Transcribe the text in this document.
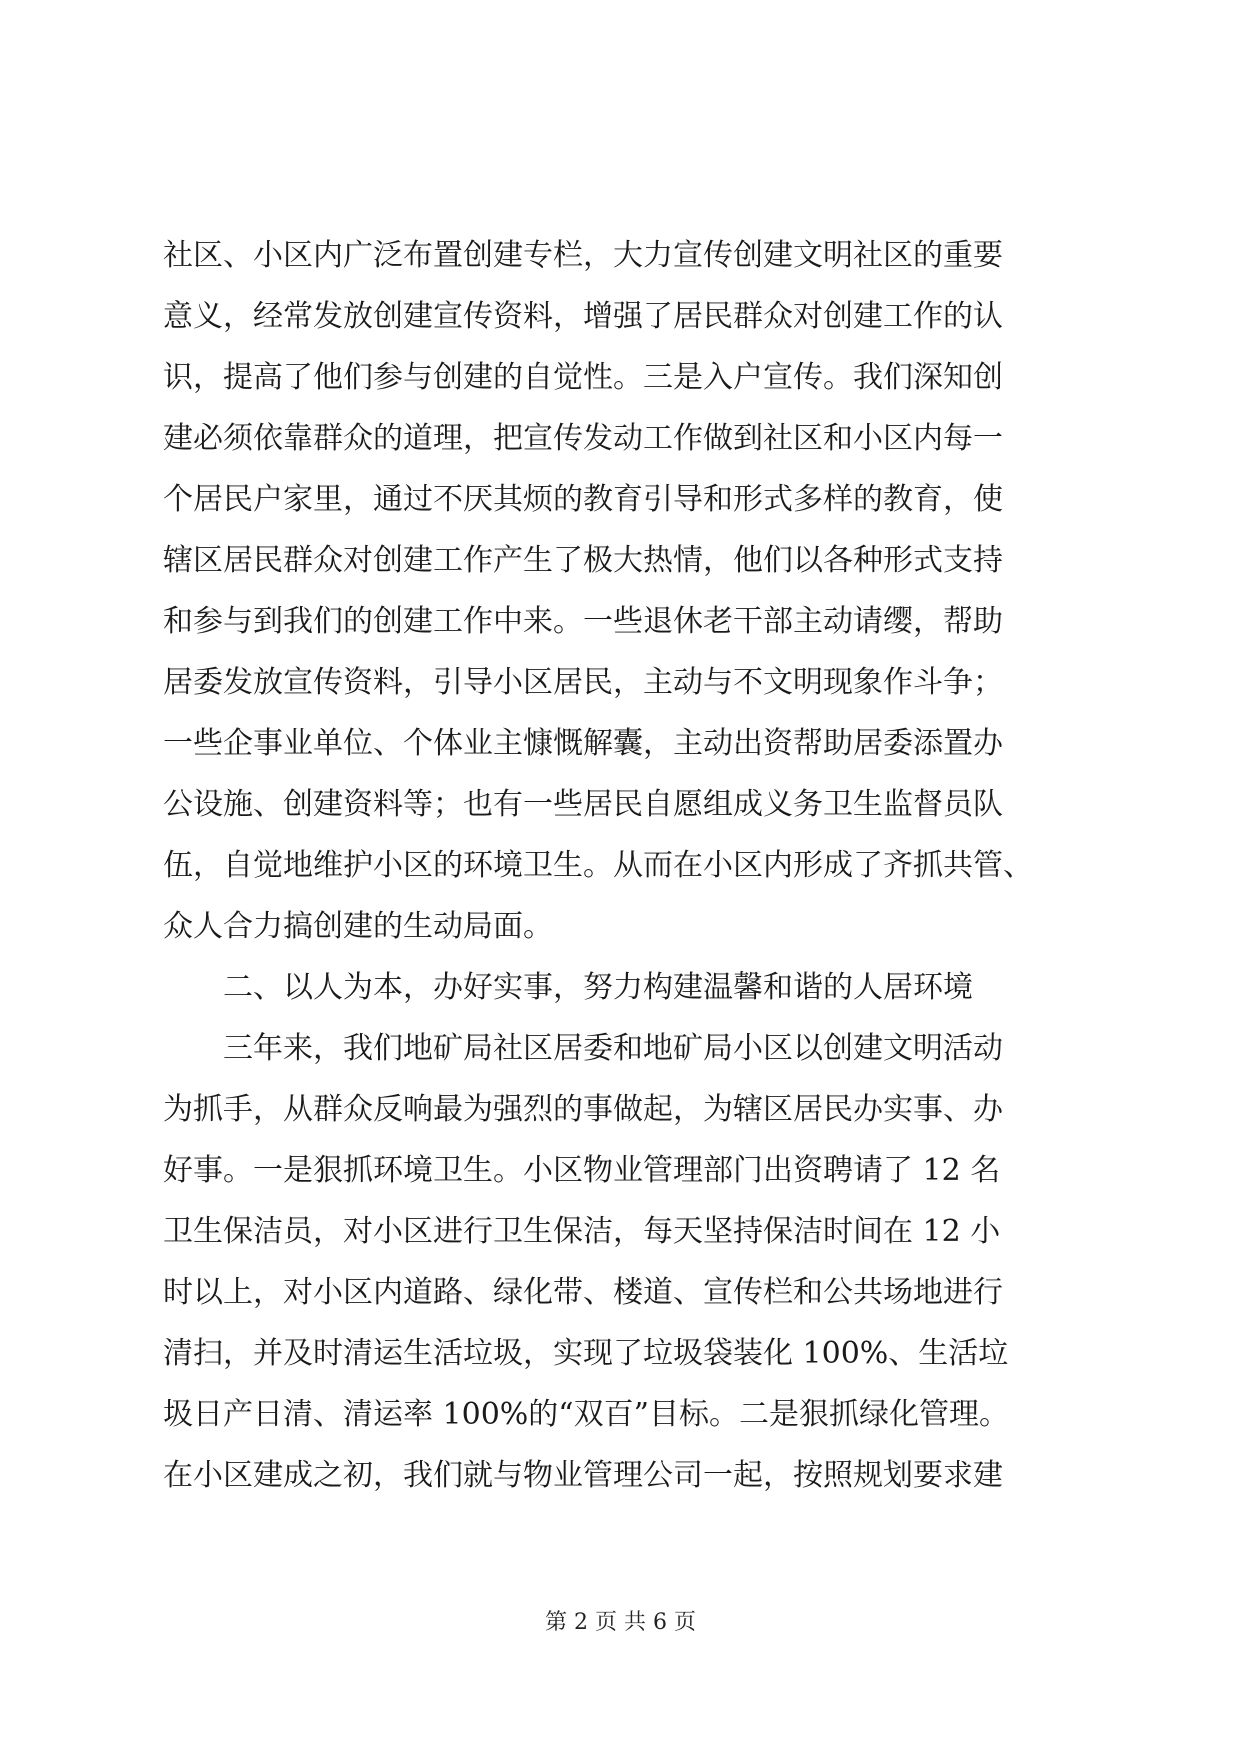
社区、小区内广泛布置创建专栏，大力宣传创建文明社区的重要
意义，经常发放创建宣传资料，增强了居民群众对创建工作的认
识，提高了他们参与创建的自觉性。三是入户宣传。我们深知创
建必须依靠群众的道理，把宣传发动工作做到社区和小区内每一
个居民户家里，通过不厌其烦的教育引导和形式多样的教育，使
辖区居民群众对创建工作产生了极大热情，他们以各种形式支持
和参与到我们的创建工作中来。一些退休老干部主动请缨，帮助
居委发放宣传资料，引导小区居民，主动与不文明现象作斗争；
一些企事业单位、个体业主慷慨解囊，主动出资帮助居委添置办
公设施、创建资料等；也有一些居民自愿组成义务卫生监督员队
伍，自觉地维护小区的环境卫生。从而在小区内形成了齐抓共管、
众人合力搞创建的生动局面。
二、以人为本，办好实事，努力构建温馨和谐的人居环境
三年来，我们地矿局社区居委和地矿局小区以创建文明活动
为抓手，从群众反响最为强烈的事做起，为辖区居民办实事、办
好事。一是狠抓环境卫生。小区物业管理部门出资聘请了 12 名
卫生保洁员，对小区进行卫生保洁，每天坚持保洁时间在 12 小
时以上，对小区内道路、绿化带、楼道、宣传栏和公共场地进行
清扫，并及时清运生活垃圾，实现了垃圾袋装化 100%、生活垃
圾日产日清、清运率 100%的“双百”目标。二是狠抓绿化管理。
在小区建成之初，我们就与物业管理公司一起，按照规划要求建
第 2 页 共 6 页
